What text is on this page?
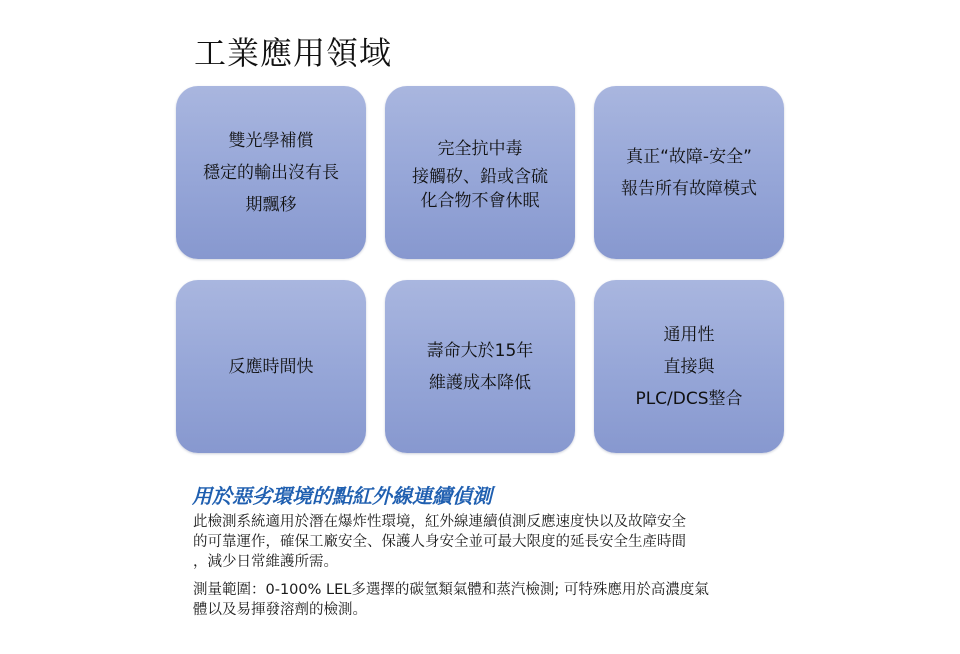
工業應用領域
雙光學補償
穩定的輸出沒有長
期飄移
完全抗中毒
接觸矽、鉛或含硫
化合物不會休眠
真正“故障-安全”
報告所有故障模式
反應時間快
壽命大於15年
維護成本降低
通用性
直接與
PLC/DCS整合
用於惡劣環境的點紅外線連續偵測
此檢測系統適用於潛在爆炸性環境，紅外線連續偵測反應速度快以及故障安全
的可靠運作，確保工廠安全、保護人身安全並可最大限度的延長安全生產時間
，減少日常維護所需。
測量範圍：0-100% LEL多選擇的碳氫類氣體和蒸汽檢測; 可特殊應用於高濃度氣
體以及易揮發溶劑的檢測。
